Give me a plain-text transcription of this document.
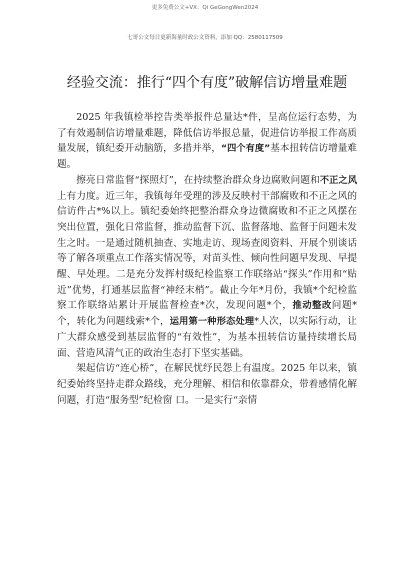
更多免费公文+VX：Qi GeGongWen2024
七哥公文每日更新海量时政公文资料，添加 QQ：2580117509
经验交流：推行“四个有度”破解信访增量难题

2025 年我镇检举控告类举报件总量达*件，呈高位运行态势，为了有效遏制信访增量难题，降低信访举报总量，促进信访举报工作高质量发展，镇纪委开动脑筋，多措并举，“四个有度”基本扭转信访增量难题。

擦亮日常监督“探照灯”，在持续整治群众身边腐败问题和不正之风上有力度。近三年，我镇每年受理的涉及反映村干部腐败和不正之风的信访件占*%以上。镇纪委始终把整治群众身边微腐败和不正之风摆在突出位置，强化日常监督，推动监督下沉、监督落地、监督于问题未发生之时。一是通过随机抽查、实地走访、现场查阅资料、开展个别谈话等了解各项重点工作落实情况等，对苗头性、倾向性问题早发现、早提醒、早处理。二是充分发挥村级纪检监察工作联络站“探头”作用和“贴近”优势，打通基层监督“神经末梢”。截止今年*月份，我镇*个纪检监察工作联络站累计开展监督检查*次，发现问题*个，推动整改问题*个，转化为问题线索*个，运用第一种形态处理*人次，以实际行动，让广大群众感受到基层监督的“有效性”，为基本扭转信访量持续增长局面、营造风清气正的政治生态打下坚实基础。

架起信访“连心桥”，在解民忧纾民怨上有温度。2025 年以来，镇纪委始终坚持走群众路线，充分理解、相信和依靠群众，带着感情化解问题，打造“服务型”纪检窗 口。一是实行“亲情
